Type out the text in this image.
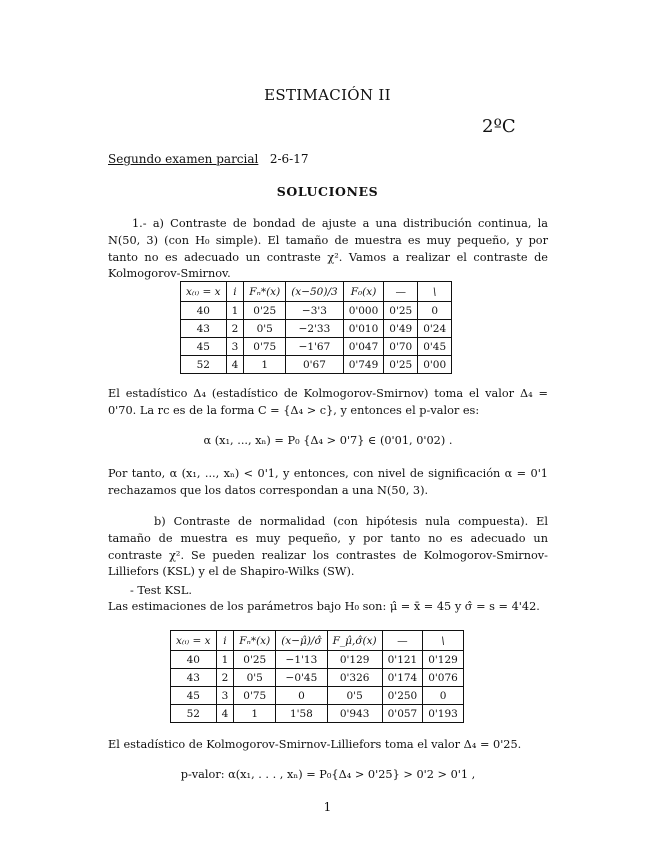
ESTIMACIÓN II
2ºC
Segundo examen parcial 2-6-17
SOLUCIONES
1.- a) Contraste de bondad de ajuste a una distribución continua, la N(50, 3) (con H₀ simple). El tamaño de muestra es muy pequeño, y por tanto no es adecuado un contraste χ². Vamos a realizar el contraste de Kolmogorov-Smirnov.
x₍ᵢ₎ = x	i	Fₙ*(x)	(x−50)/3	F₀(x)	—	\
40	1	0'25	−3'3	0'000	0'25	0
43	2	0'5	−2'33	0'010	0'49	0'24
45	3	0'75	−1'67	0'047	0'70	0'45
52	4	1	0'67	0'749	0'25	0'00
El estadístico Δ₄ (estadístico de Kolmogorov-Smirnov) toma el valor Δ₄ = 0'70. La rc es de la forma C = {Δ₄ > c}, y entonces el p-valor es:
α (x₁, ..., xₙ) = P₀ {Δ₄ > 0'7} ∈ (0'01, 0'02) .
Por tanto, α (x₁, ..., xₙ) < 0'1, y entonces, con nivel de significación α = 0'1 rechazamos que los datos correspondan a una N(50, 3).
b) Contraste de normalidad (con hipótesis nula compuesta). El tamaño de muestra es muy pequeño, y por tanto no es adecuado un contraste χ². Se pueden realizar los contrastes de Kolmogorov-Smirnov-Lilliefors (KSL) y el de Shapiro-Wilks (SW).
- Test KSL.
Las estimaciones de los parámetros bajo H₀ son: μ̂ = x̄ = 45 y σ̂ = s = 4'42.
x₍ᵢ₎ = x	i	Fₙ*(x)	(x−μ̂)/σ̂	F_μ̂,σ̂(x)	—	\
40	1	0'25	−1'13	0'129	0'121	0'129
43	2	0'5	−0'45	0'326	0'174	0'076
45	3	0'75	0	0'5	0'250	0
52	4	1	1'58	0'943	0'057	0'193
El estadístico de Kolmogorov-Smirnov-Lilliefors toma el valor Δ₄ = 0'25.
p-valor: α(x₁, . . . , xₙ) = P₀{Δ₄ > 0'25} > 0'2 > 0'1 ,
1
